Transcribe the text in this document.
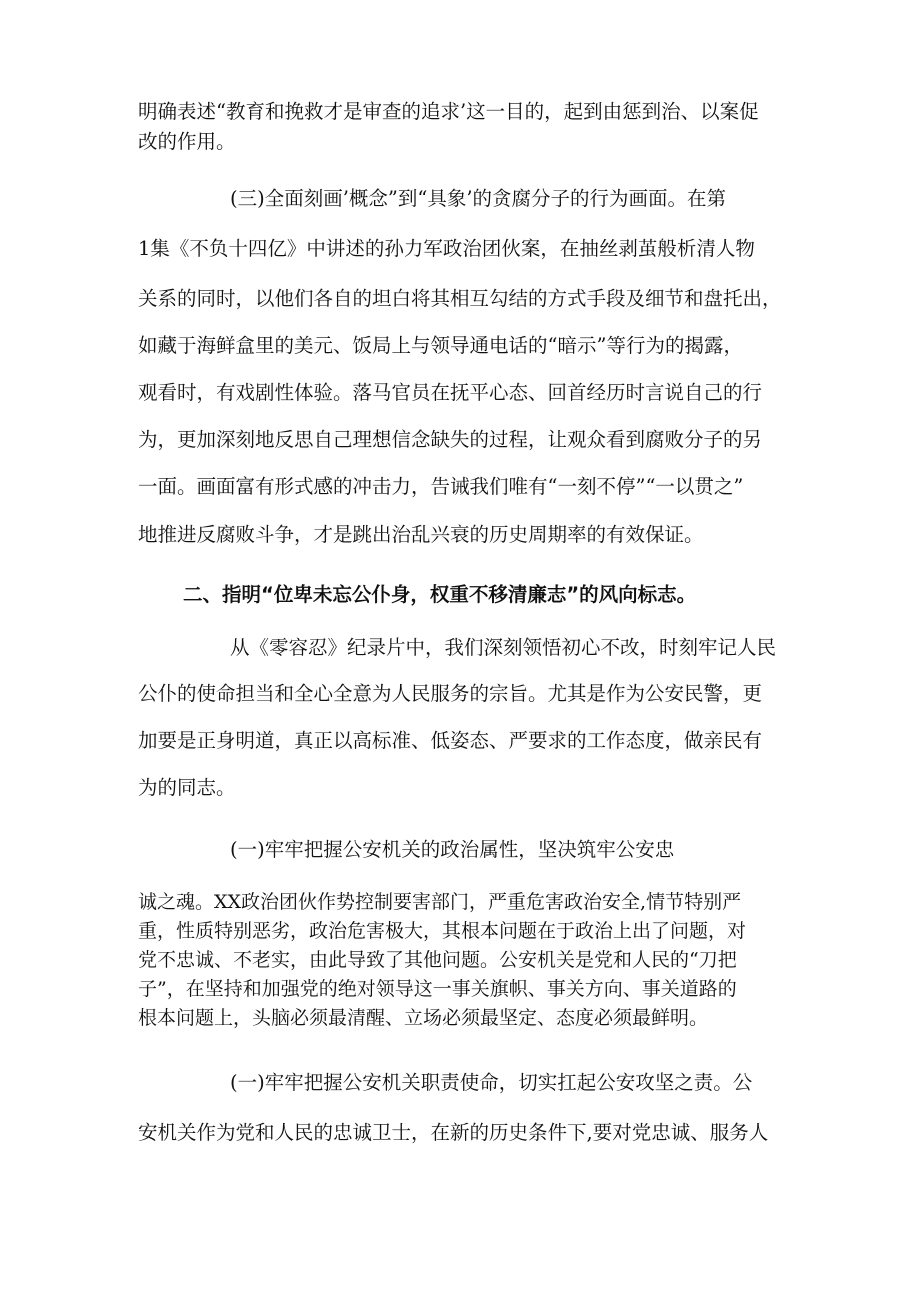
明确表述“教育和挽救才是审查的追求’这一目的，起到由惩到治、以案促
改的作用。
(三)全面刻画’概念”到“具象’的贪腐分子的行为画面。在第
1集《不负十四亿》中讲述的孙力军政治团伙案，在抽丝剥茧般析清人物
关系的同时，以他们各自的坦白将其相互勾结的方式手段及细节和盘托出，
如藏于海鲜盒里的美元、饭局上与领导通电话的“暗示”等行为的揭露，
观看时，有戏剧性体验。落马官员在抚平心态、回首经历时言说自己的行
为，更加深刻地反思自己理想信念缺失的过程，让观众看到腐败分子的另
一面。画面富有形式感的冲击力，告诫我们唯有“一刻不停”“一以贯之”
地推进反腐败斗争，才是跳出治乱兴衰的历史周期率的有效保证。
二、指明“位卑未忘公仆身，权重不移清廉志”的风向标志。
从《零容忍》纪录片中，我们深刻领悟初心不改，时刻牢记人民
公仆的使命担当和全心全意为人民服务的宗旨。尤其是作为公安民警，更
加要是正身明道，真正以高标准、低姿态、严要求的工作态度，做亲民有
为的同志。
(一)牢牢把握公安机关的政治属性，坚决筑牢公安忠
诚之魂。XX政治团伙作势控制要害部门，严重危害政治安全,情节特别严
重，性质特别恶劣，政治危害极大，其根本问题在于政治上出了问题，对
党不忠诚、不老实，由此导致了其他问题。公安机关是党和人民的“刀把
子”，在坚持和加强党的绝对领导这一事关旗帜、事关方向、事关道路的
根本问题上，头脑必须最清醒、立场必须最坚定、态度必须最鲜明。
(一)牢牢把握公安机关职责使命，切实扛起公安攻坚之责。公
安机关作为党和人民的忠诚卫士，在新的历史条件下,要对党忠诚、服务人
